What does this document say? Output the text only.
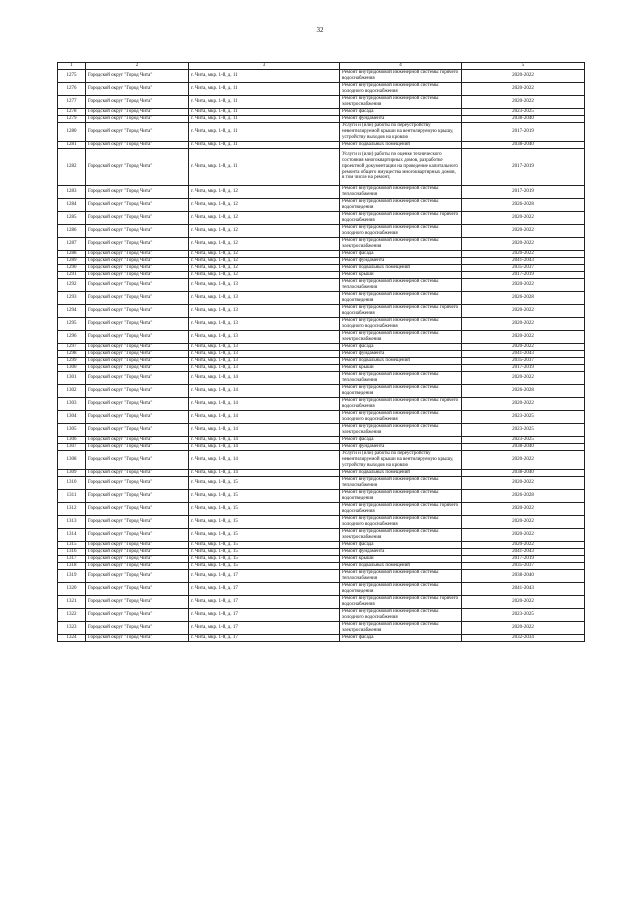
32
1	2	3	4	5
1275	Городской округ "Город Чита"	г. Чита, мкр. 1-й, д. 11	Ремонт внутридомовой инженерной системы горячего водоснабжения	2020-2022
1276	Городской округ "Город Чита"	г. Чита, мкр. 1-й, д. 11	Ремонт внутридомовой инженерной системы холодного водоснабжения	2020-2022
1277	Городской округ "Город Чита"	г. Чита, мкр. 1-й, д. 11	Ремонт внутридомовой инженерной системы электроснабжения	2020-2022
1278	Городской округ "Город Чита"	г. Чита, мкр. 1-й, д. 11	Ремонт фасада	2023-2025
1279	Городской округ "Город Чита"	г. Чита, мкр. 1-й, д. 11	Ремонт фундамента	2038-2040
1280	Городской округ "Город Чита"	г. Чита, мкр. 1-й, д. 11	Услуги и (или) работы по переустройству невентилируемой крыши на вентилируемую крышу, устройству выходов на кровлю	2017-2019
1281	Городской округ "Город Чита"	г. Чита, мкр. 1-й, д. 11	Ремонт подвальных помещений	2038-2040
1282	Городской округ "Город Чита"	г. Чита, мкр. 1-й, д. 11	Услуги и (или) работы по оценке технического состояния многоквартирных домов, разработке проектной документации на проведение капитального ремонта общего имущества многоквартирных домов, в том числе на ремонт,	2017-2019
1283	Городской округ "Город Чита"	г. Чита, мкр. 1-й, д. 12	Ремонт внутридомовой инженерной системы теплоснабжения	2017-2019
1284	Городской округ "Город Чита"	г. Чита, мкр. 1-й, д. 12	Ремонт внутридомовой инженерной системы водоотведения	2026-2028
1285	Городской округ "Город Чита"	г. Чита, мкр. 1-й, д. 12	Ремонт внутридомовой инженерной системы горячего водоснабжения	2020-2022
1286	Городской округ "Город Чита"	г. Чита, мкр. 1-й, д. 12	Ремонт внутридомовой инженерной системы холодного водоснабжения	2020-2022
1287	Городской округ "Город Чита"	г. Чита, мкр. 1-й, д. 12	Ремонт внутридомовой инженерной системы электроснабжения	2020-2022
1288	Городской округ "Город Чита"	г. Чита, мкр. 1-й, д. 12	Ремонт фасада	2020-2022
1289	Городской округ "Город Чита"	г. Чита, мкр. 1-й, д. 12	Ремонт фундамента	2041-2043
1290	Городской округ "Город Чита"	г. Чита, мкр. 1-й, д. 12	Ремонт подвальных помещений	2035-2037
1291	Городской округ "Город Чита"	г. Чита, мкр. 1-й, д. 12	Ремонт крыши	2017-2019
1292	Городской округ "Город Чита"	г. Чита, мкр. 1-й, д. 13	Ремонт внутридомовой инженерной системы теплоснабжения	2020-2022
1293	Городской округ "Город Чита"	г. Чита, мкр. 1-й, д. 13	Ремонт внутридомовой инженерной системы водоотведения	2026-2028
1294	Городской округ "Город Чита"	г. Чита, мкр. 1-й, д. 13	Ремонт внутридомовой инженерной системы горячего водоснабжения	2020-2022
1295	Городской округ "Город Чита"	г. Чита, мкр. 1-й, д. 13	Ремонт внутридомовой инженерной системы холодного водоснабжения	2020-2022
1296	Городской округ "Город Чита"	г. Чита, мкр. 1-й, д. 13	Ремонт внутридомовой инженерной системы электроснабжения	2020-2022
1297	Городской округ "Город Чита"	г. Чита, мкр. 1-й, д. 13	Ремонт фасада	2020-2022
1298	Городской округ "Город Чита"	г. Чита, мкр. 1-й, д. 13	Ремонт фундамента	2041-2043
1299	Городской округ "Город Чита"	г. Чита, мкр. 1-й, д. 13	Ремонт подвальных помещений	2035-2037
1300	Городской округ "Город Чита"	г. Чита, мкр. 1-й, д. 13	Ремонт крыши	2017-2019
1301	Городской округ "Город Чита"	г. Чита, мкр. 1-й, д. 14	Ремонт внутридомовой инженерной системы теплоснабжения	2020-2022
1302	Городской округ "Город Чита"	г. Чита, мкр. 1-й, д. 14	Ремонт внутридомовой инженерной системы водоотведения	2026-2028
1303	Городской округ "Город Чита"	г. Чита, мкр. 1-й, д. 14	Ремонт внутридомовой инженерной системы горячего водоснабжения	2020-2022
1304	Городской округ "Город Чита"	г. Чита, мкр. 1-й, д. 14	Ремонт внутридомовой инженерной системы холодного водоснабжения	2023-2025
1305	Городской округ "Город Чита"	г. Чита, мкр. 1-й, д. 14	Ремонт внутридомовой инженерной системы электроснабжения	2023-2025
1306	Городской округ "Город Чита"	г. Чита, мкр. 1-й, д. 14	Ремонт фасада	2023-2025
1307	Городской округ "Город Чита"	г. Чита, мкр. 1-й, д. 14	Ремонт фундамента	2038-2040
1308	Городской округ "Город Чита"	г. Чита, мкр. 1-й, д. 14	Услуги и (или) работы по переустройству невентилируемой крыши на вентилируемую крышу, устройству выходов на кровлю	2020-2022
1309	Городской округ "Город Чита"	г. Чита, мкр. 1-й, д. 14	Ремонт подвальных помещений	2038-2040
1310	Городской округ "Город Чита"	г. Чита, мкр. 1-й, д. 15	Ремонт внутридомовой инженерной системы теплоснабжения	2020-2022
1311	Городской округ "Город Чита"	г. Чита, мкр. 1-й, д. 15	Ремонт внутридомовой инженерной системы водоотведения	2026-2028
1312	Городской округ "Город Чита"	г. Чита, мкр. 1-й, д. 15	Ремонт внутридомовой инженерной системы горячего водоснабжения	2020-2022
1313	Городской округ "Город Чита"	г. Чита, мкр. 1-й, д. 15	Ремонт внутридомовой инженерной системы холодного водоснабжения	2020-2022
1314	Городской округ "Город Чита"	г. Чита, мкр. 1-й, д. 15	Ремонт внутридомовой инженерной системы электроснабжения	2020-2022
1315	Городской округ "Город Чита"	г. Чита, мкр. 1-й, д. 15	Ремонт фасада	2020-2022
1316	Городской округ "Город Чита"	г. Чита, мкр. 1-й, д. 15	Ремонт фундамента	2041-2043
1317	Городской округ "Город Чита"	г. Чита, мкр. 1-й, д. 15	Ремонт крыши	2017-2019
1318	Городской округ "Город Чита"	г. Чита, мкр. 1-й, д. 15	Ремонт подвальных помещений	2035-2037
1319	Городской округ "Город Чита"	г. Чита, мкр. 1-й, д. 17	Ремонт внутридомовой инженерной системы теплоснабжения	2038-2040
1320	Городской округ "Город Чита"	г. Чита, мкр. 1-й, д. 17	Ремонт внутридомовой инженерной системы водоотведения	2041-2043
1321	Городской округ "Город Чита"	г. Чита, мкр. 1-й, д. 17	Ремонт внутридомовой инженерной системы горячего водоснабжения	2020-2022
1322	Городской округ "Город Чита"	г. Чита, мкр. 1-й, д. 17	Ремонт внутридомовой инженерной системы холодного водоснабжения	2023-2025
1323	Городской округ "Город Чита"	г. Чита, мкр. 1-й, д. 17	Ремонт внутридомовой инженерной системы электроснабжения	2020-2022
1324	Городской округ "Город Чита"	г. Чита, мкр. 1-й, д. 17	Ремонт фасада	2032-2034
